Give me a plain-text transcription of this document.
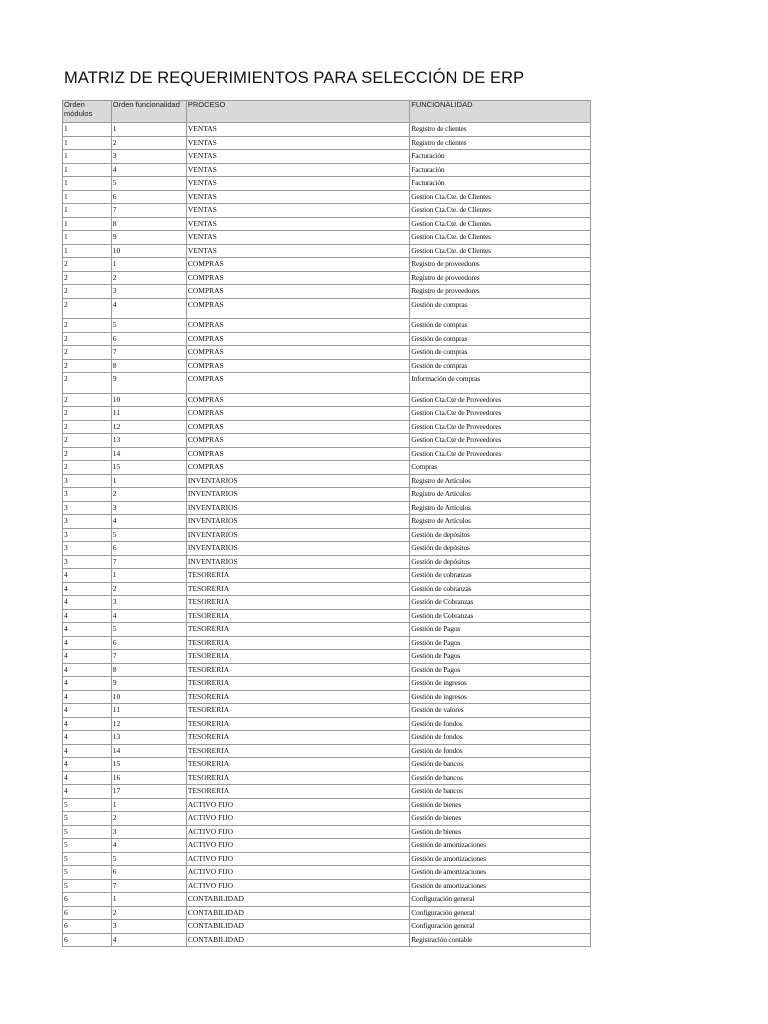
MATRIZ DE REQUERIMIENTOS PARA SELECCIÓN DE ERP
Orden módulos	Orden funcionalidad	PROCESO	FUNCIONALIDAD
1	1	VENTAS	Registro de clientes
1	2	VENTAS	Registro de clientes
1	3	VENTAS	Facturación
1	4	VENTAS	Facturación
1	5	VENTAS	Facturación
1	6	VENTAS	Gestion Cta.Cte. de Clientes
1	7	VENTAS	Gestion Cta.Cte. de Clientes
1	8	VENTAS	Gestion Cta.Cte. de Clientes
1	9	VENTAS	Gestion Cta.Cte. de Clientes
1	10	VENTAS	Gestion Cta.Cte. de Clientes
2	1	COMPRAS	Registro de proveedores
2	2	COMPRAS	Registro de proveedores
2	3	COMPRAS	Registro de proveedores
2	4	COMPRAS	Gestión de compras
2	5	COMPRAS	Gestión de compras
2	6	COMPRAS	Gestión de compras
2	7	COMPRAS	Gestión de compras
2	8	COMPRAS	Gestión de compras
2	9	COMPRAS	Información de compras
2	10	COMPRAS	Gestion Cta.Cte de Proveedores
2	11	COMPRAS	Gestion Cta.Cte de Proveedores
2	12	COMPRAS	Gestion Cta.Cte de Proveedores
2	13	COMPRAS	Gestion Cta.Cte de Proveedores
2	14	COMPRAS	Gestion Cta.Cte de Proveedores
2	15	COMPRAS	Compras
3	1	INVENTARIOS	Registro de Artículos
3	2	INVENTARIOS	Registro de Artículos
3	3	INVENTARIOS	Registro de Artículos
3	4	INVENTARIOS	Registro de Artículos
3	5	INVENTARIOS	Gestión de depósitos
3	6	INVENTARIOS	Gestión de depósitos
3	7	INVENTARIOS	Gestión de depósitos
4	1	TESORERIA	Gestión de cobranzas
4	2	TESORERIA	Gestión de cobranzas
4	3	TESORERIA	Gestión de Cobranzas
4	4	TESORERIA	Gestión de Cobranzas
4	5	TESORERIA	Gestión de Pagos
4	6	TESORERIA	Gestión de Pagos
4	7	TESORERIA	Gestión de Pagos
4	8	TESORERIA	Gestión de Pagos
4	9	TESORERIA	Gestión de ingresos
4	10	TESORERIA	Gestión de ingresos
4	11	TESORERIA	Gestión de valores
4	12	TESORERIA	Gestión de fondos
4	13	TESORERIA	Gestión de fondos
4	14	TESORERIA	Gestión de fondos
4	15	TESORERIA	Gestión de bancos
4	16	TESORERIA	Gestión de bancos
4	17	TESORERIA	Gestión de bancos
5	1	ACTIVO FIJO	Gestión de bienes
5	2	ACTIVO FIJO	Gestión de bienes
5	3	ACTIVO FIJO	Gestión de bienes
5	4	ACTIVO FIJO	Gestión de amortizaciones
5	5	ACTIVO FIJO	Gestión de amortizaciones
5	6	ACTIVO FIJO	Gestión de amortizaciones
5	7	ACTIVO FIJO	Gestión de amortizaciones
6	1	CONTABILIDAD	Configuración general
6	2	CONTABILIDAD	Configuración general
6	3	CONTABILIDAD	Configuración general
6	4	CONTABILIDAD	Registración contable
